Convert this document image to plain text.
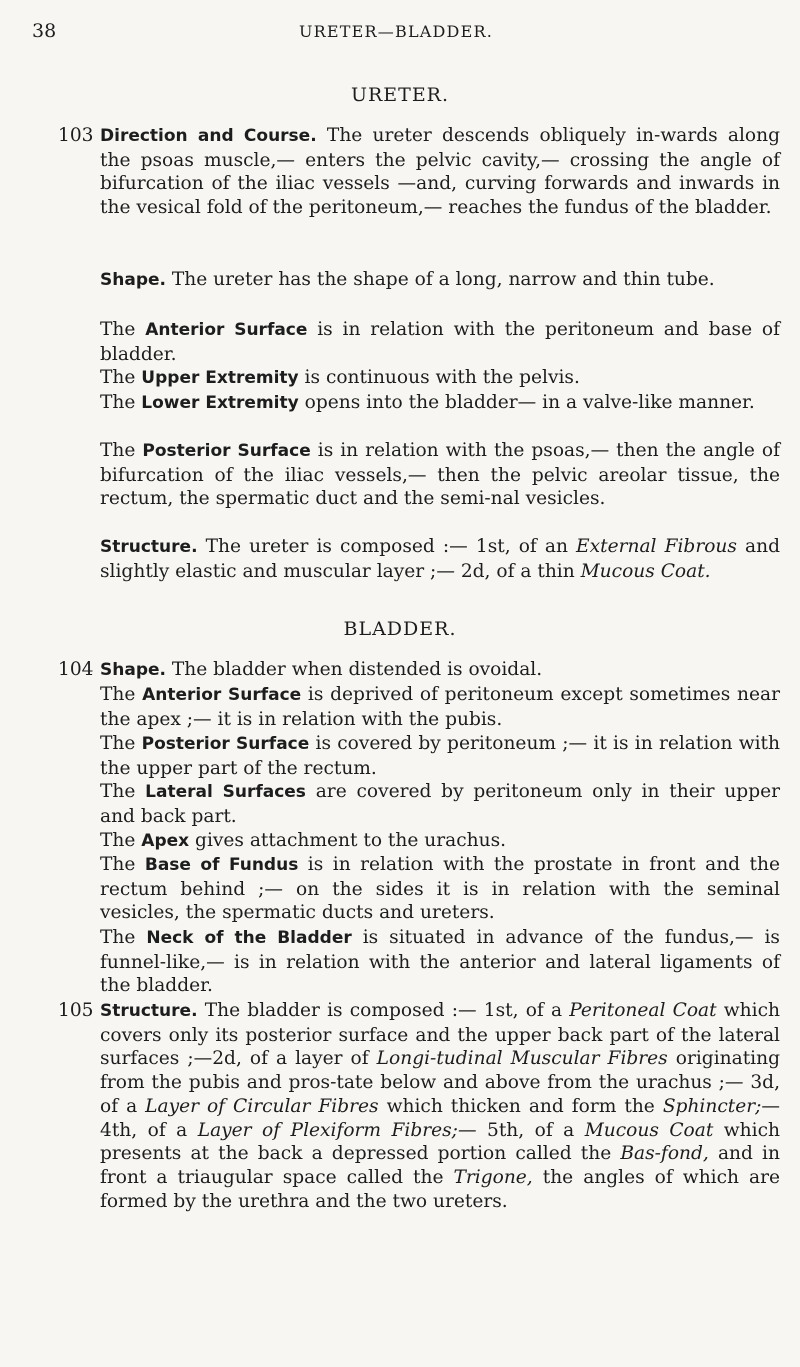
38	URETER—BLADDER.
URETER.
103 Direction and Course. The ureter descends obliquely in-wards along the psoas muscle,— enters the pelvic cavity,— crossing the angle of bifurcation of the iliac vessels —and, curving forwards and inwards in the vesical fold of the peritoneum,— reaches the fundus of the bladder.
Shape. The ureter has the shape of a long, narrow and thin tube.
The Anterior Surface is in relation with the peritoneum and base of bladder.
The Upper Extremity is continuous with the pelvis.
The Lower Extremity opens into the bladder— in a valve-like manner.
The Posterior Surface is in relation with the psoas,— then the angle of bifurcation of the iliac vessels,— then the pelvic areolar tissue, the rectum, the spermatic duct and the semi-nal vesicles.
Structure. The ureter is composed :— 1st, of an External Fibrous and slightly elastic and muscular layer ;— 2d, of a thin Mucous Coat.
BLADDER.
104 Shape. The bladder when distended is ovoidal.
The Anterior Surface is deprived of peritoneum except sometimes near the apex ;— it is in relation with the pubis.
The Posterior Surface is covered by peritoneum ;— it is in relation with the upper part of the rectum.
The Lateral Surfaces are covered by peritoneum only in their upper and back part.
The Apex gives attachment to the urachus.
The Base of Fundus is in relation with the prostate in front and the rectum behind ;— on the sides it is in relation with the seminal vesicles, the spermatic ducts and ureters.
The Neck of the Bladder is situated in advance of the fundus,— is funnel-like,— is in relation with the anterior and lateral ligaments of the bladder.
105 Structure. The bladder is composed :— 1st, of a Peritoneal Coat which covers only its posterior surface and the upper back part of the lateral surfaces ;—2d, of a layer of Longi-tudinal Muscular Fibres originating from the pubis and pros-tate below and above from the urachus ;— 3d, of a Layer of Circular Fibres which thicken and form the Sphincter;— 4th, of a Layer of Plexiform Fibres;— 5th, of a Mucous Coat which presents at the back a depressed portion called the Bas-fond, and in front a triaugular space called the Trigone, the angles of which are formed by the urethra and the two ureters.
